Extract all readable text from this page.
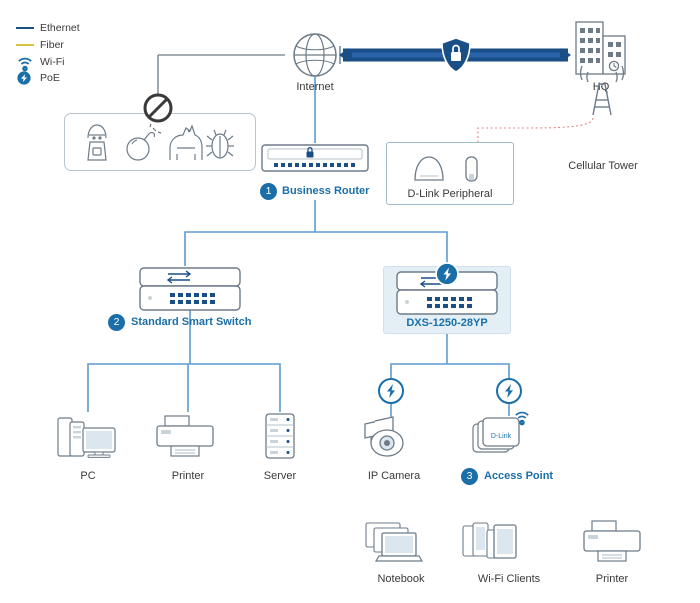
Ethernet
Fiber
Wi-Fi
PoE
Internet	HQ
Cellular Tower
1 Business Router	D-Link Peripheral
2	Standard Smart Switch	DXS-1250-28YP
PC	Printer	Server	IP Camera
D-Link
3	Access Point
Notebook	Wi-Fi Clients	Printer
